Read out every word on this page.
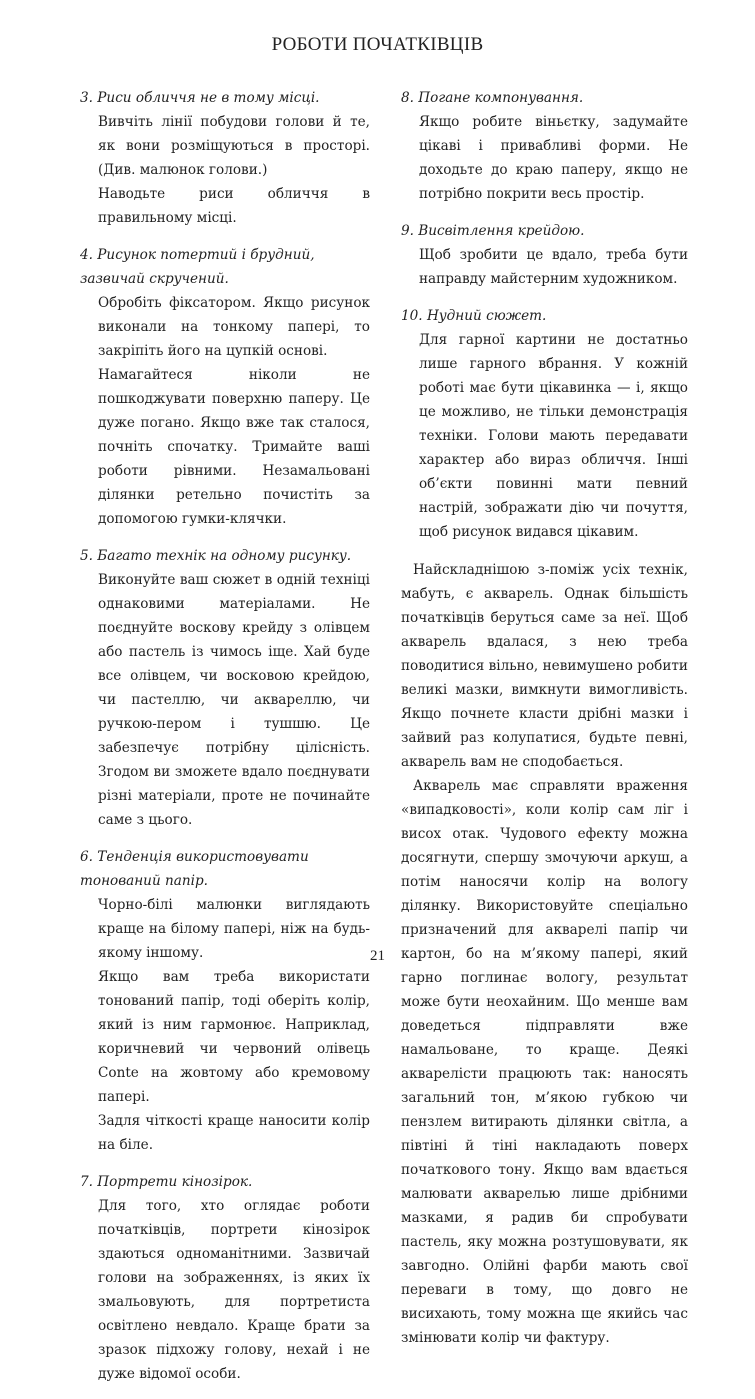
РОБОТИ ПОЧАТКІВЦІВ
3. Риси обличчя не в тому місці.

Вивчіть лінії побудови голови й те, як вони розміщуються в просторі. (Див. малюнок голови.)

Наводьте риси обличчя в правильному місці.

4. Рисунок потертий і брудний, зазвичай скручений.

Обробіть фіксатором. Якщо рисунок виконали на тонкому папері, то закріпіть його на цупкій основі.

Намагайтеся ніколи не пошкоджувати поверхню паперу. Це дуже погано. Якщо вже так сталося, почніть спочатку. Тримайте ваші роботи рівними. Незамальовані ділянки ретельно почистіть за допомогою гумки-клячки.

5. Багато технік на одному рисунку.

Виконуйте ваш сюжет в одній техніці однаковими матеріалами. Не поєднуйте воскову крейду з олівцем або пастель із чимось іще. Хай буде все олівцем, чи восковою крейдою, чи пастеллю, чи аквареллю, чи ручкою-пером і тушшю. Це забезпечує потрібну цілісність. Згодом ви зможете вдало поєднувати різні матеріали, проте не починайте саме з цього.

6. Тенденція використовувати тонований папір.

Чорно-білі малюнки виглядають краще на білому папері, ніж на будь-якому іншому.

Якщо вам треба використати тонований папір, тоді оберіть колір, який із ним гармонює. Наприклад, коричневий чи червоний олівець Conte на жовтому або кремовому папері.

Задля чіткості краще наносити колір на біле.

7. Портрети кінозірок.

Для того, хто оглядає роботи початківців, портрети кінозірок здаються одноманітними. Зазвичай голови на зображеннях, із яких їх змальовують, для портретиста освітлено невдало. Краще брати за зразок підхожу голову, нехай і не дуже відомої особи.

8. Погане компонування.

Якщо робите віньєтку, задумайте цікаві і привабливі форми. Не доходьте до краю паперу, якщо не потрібно покрити весь простір.

9. Висвітлення крейдою.

Щоб зробити це вдало, треба бути направду майстерним художником.

10. Нудний сюжет.

Для гарної картини не достатньо лише гарного вбрання. У кожній роботі має бути цікавинка — і, якщо це можливо, не тільки демонстрація техніки. Голови мають передавати характер або вираз обличчя. Інші об’єкти повинні мати певний настрій, зображати дію чи почуття, щоб рисунок видався цікавим.

Найскладнішою з-поміж усіх технік, мабуть, є акварель. Однак більшість початківців беруться саме за неї. Щоб акварель вдалася, з нею треба поводитися вільно, невимушено робити великі мазки, вимкнути вимогливість. Якщо почнете класти дрібні мазки і зайвий раз колупатися, будьте певні, акварель вам не сподобається.

Акварель має справляти враження «випадковості», коли колір сам ліг і висох отак. Чудового ефекту можна досягнути, спершу змочуючи аркуш, а потім наносячи колір на вологу ділянку. Використовуйте спеціально призначений для акварелі папір чи картон, бо на м’якому папері, який гарно поглинає вологу, результат може бути неохайним. Що менше вам доведеться підправляти вже намальоване, то краще. Деякі аквареліcти працюють так: наносять загальний тон, м’якою губкою чи пензлем витирають ділянки світла, а півтіні й тіні накладають поверх початкового тону. Якщо вам вдається малювати акварелью лише дрібними мазками, я радив би спробувати пастель, яку можна розтушовувати, як завгодно. Олійні фарби мають свої переваги в тому, що довго не висихають, тому можна ще якийсь час змінювати колір чи фактуру.

21
